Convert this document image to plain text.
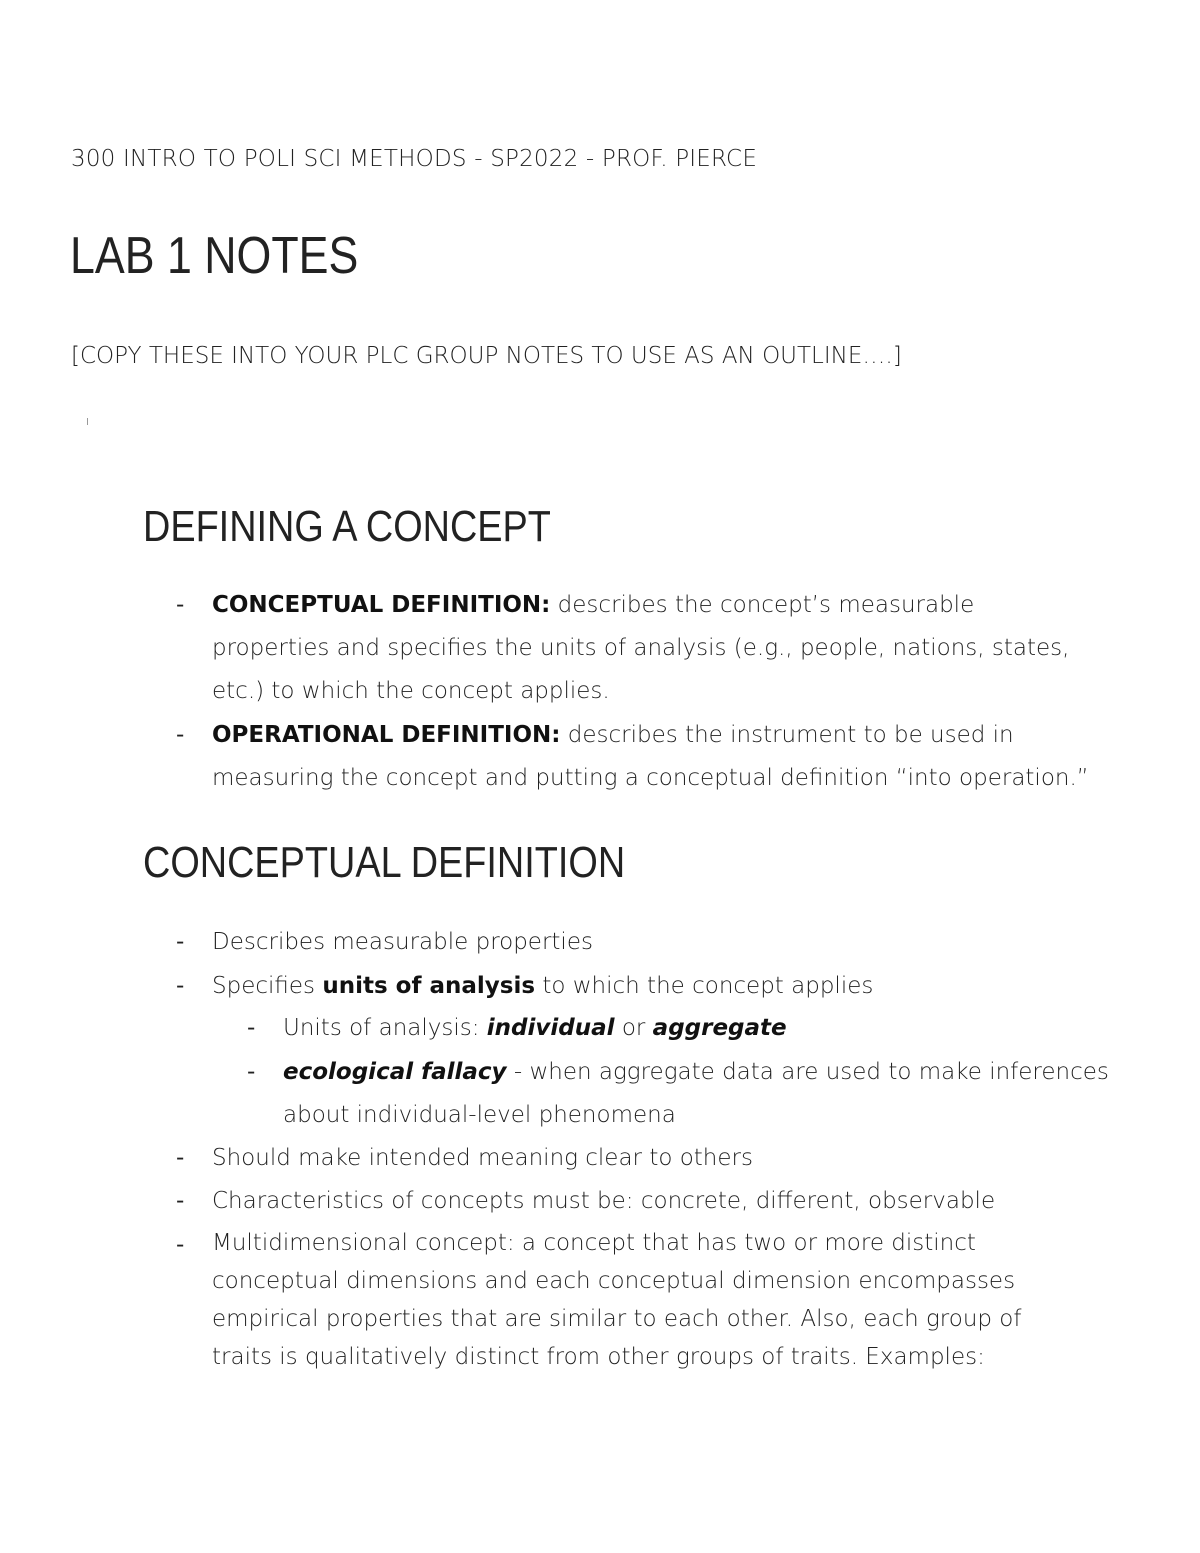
300 INTRO TO POLI SCI METHODS - SP2022 - PROF. PIERCE
LAB 1 NOTES
[COPY THESE INTO YOUR PLC GROUP NOTES TO USE AS AN OUTLINE….]
DEFINING A CONCEPT
- CONCEPTUAL DEFINITION: describes the concept’s measurable
properties and specifies the units of analysis (e.g., people, nations, states,
etc.) to which the concept applies.
- OPERATIONAL DEFINITION: describes the instrument to be used in
measuring the concept and putting a conceptual definition “into operation.”
CONCEPTUAL DEFINITION
- Describes measurable properties
- Specifies units of analysis to which the concept applies
- Units of analysis: individual or aggregate
- ecological fallacy - when aggregate data are used to make inferences
about individual-level phenomena
- Should make intended meaning clear to others
- Characteristics of concepts must be: concrete, different, observable
- Multidimensional concept: a concept that has two or more distinct
conceptual dimensions and each conceptual dimension encompasses
empirical properties that are similar to each other. Also, each group of
traits is qualitatively distinct from other groups of traits. Examples:
